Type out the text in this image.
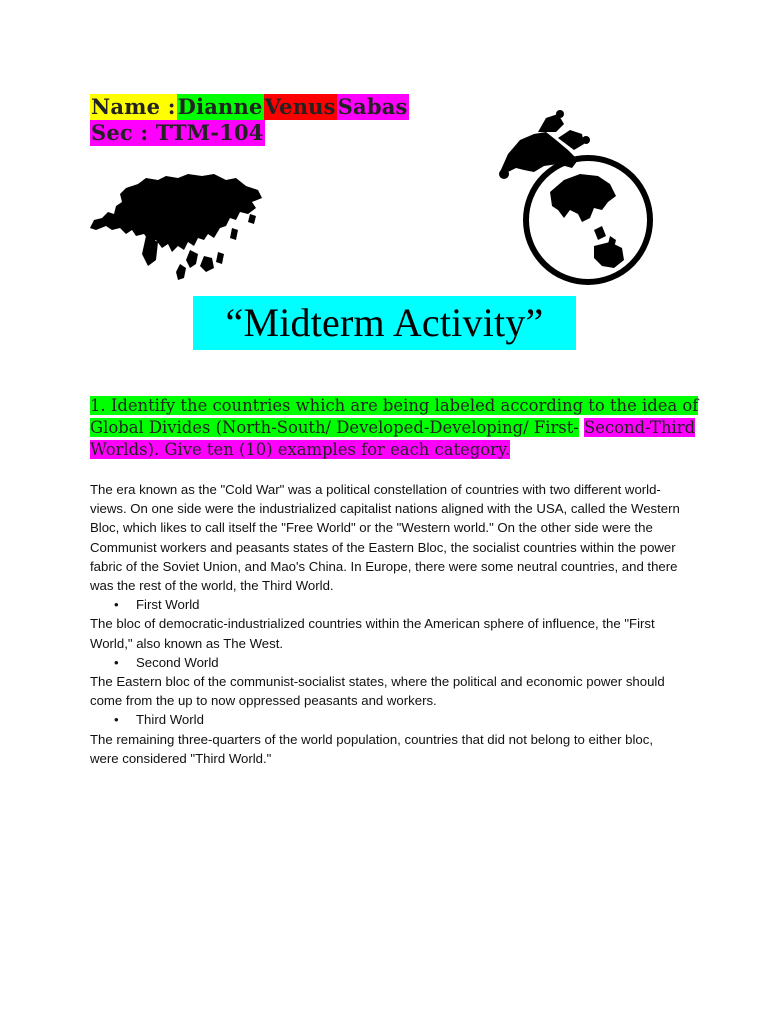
Name :DianneVenusSabas
Sec : TTM-104
“Midterm Activity”
1. Identify the countries which are being labeled according to the idea of Global Divides (North-South/ Developed-Developing/ First- Second-Third Worlds). Give ten (10) examples for each category.

The era known as the "Cold War" was a political constellation of countries with two different world-views. On one side were the industrialized capitalist nations aligned with the USA, called the Western Bloc, which likes to call itself the "Free World" or the "Western world." On the other side were the Communist workers and peasants states of the Eastern Bloc, the socialist countries within the power fabric of the Soviet Union, and Mao's China. In Europe, there were some neutral countries, and there was the rest of the world, the Third World.

• First World

The bloc of democratic-industrialized countries within the American sphere of influence, the "First World," also known as The West.

• Second World

The Eastern bloc of the communist-socialist states, where the political and economic power should come from the up to now oppressed peasants and workers.

• Third World

The remaining three-quarters of the world population, countries that did not belong to either bloc, were considered "Third World."
